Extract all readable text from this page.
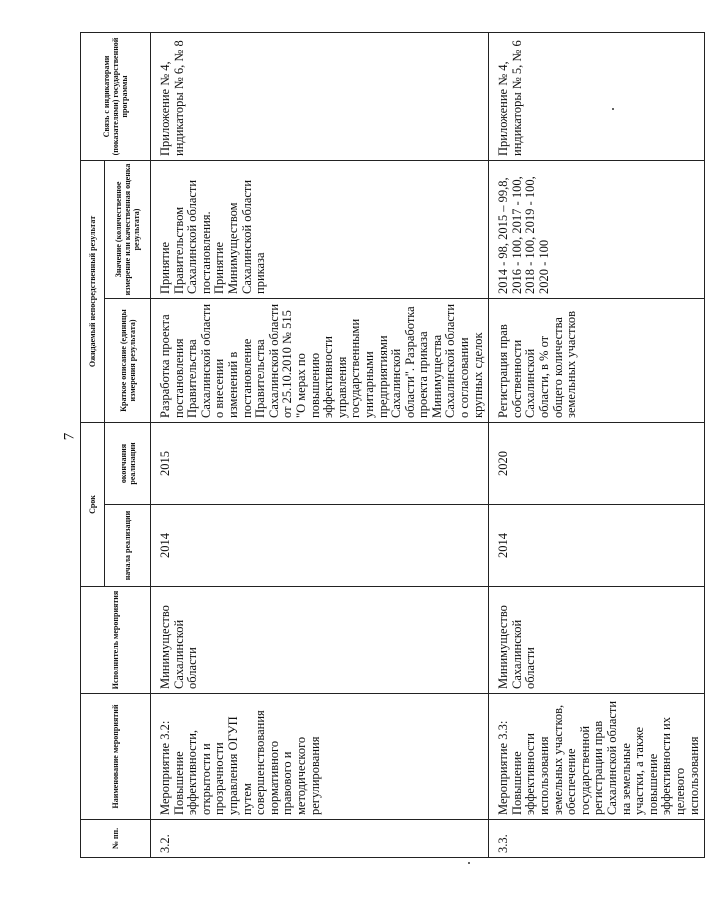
7
№ пп.	Наименование мероприятий	Исполнитель мероприятия	Срок		Ожидаемый непосредственный результат		Связь с индикаторами (показателями) государственной программы
			начала реализации	окончания реализации	Краткое описание (единицы измерения результата)	Значение (количественное измерение или качественная оценка результата)	
3.2.	Мероприятие 3.2: Повышение эффективности, открытости и прозрачности управления ОГУП путем совершенствования нормативного правового и методического регулирования	Минимущество Сахалинской области	2014	2015	Разработка проекта постановления Правительства Сахалинской области о внесении изменений в постановление Правительства Сахалинской области от 25.10.2010 № 515 "О мерах по повышению эффективности управления государственными унитарными предприятиями Сахалинской области". Разработка проекта приказа Минимущества Сахалинской области о согласовании крупных сделок	Принятие Правительством Сахалинской области постановления. Принятие Минимуществом Сахалинской области приказа	Приложение № 4, индикаторы № 6, № 8
3.3.	Мероприятие 3.3: Повышение эффективности использования земельных участков, обеспечение государственной регистрации прав Сахалинской области на земельные участки, а также повышение эффективности их целевого использования	Минимущество Сахалинской области	2014	2020	Регистрация прав собственности Сахалинской области, в % от общего количества земельных участков	2014 - 98, 2015 – 99,8, 2016 - 100, 2017 - 100, 2018 - 100, 2019 - 100, 2020 - 100	Приложение № 4, индикаторы № 5, № 6
